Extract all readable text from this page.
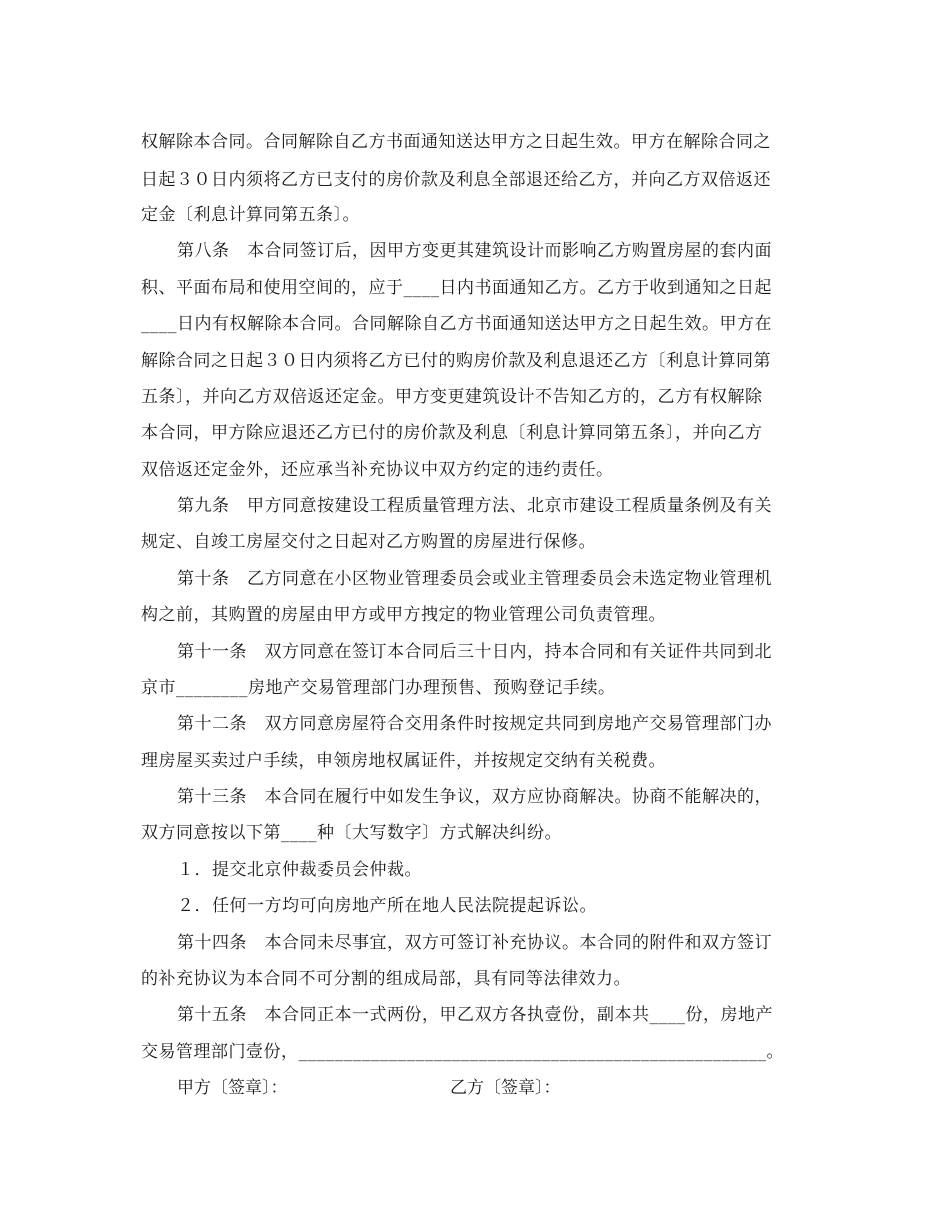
权解除本合同。合同解除自乙方书面通知送达甲方之日起生效。甲方在解除合同之
日起３０日内须将乙方已支付的房价款及利息全部退还给乙方，并向乙方双倍返还
定金〔利息计算同第五条〕。
第八条　本合同签订后，因甲方变更其建筑设计而影响乙方购置房屋的套内面
积、平面布局和使用空间的，应于____日内书面通知乙方。乙方于收到通知之日起
____日内有权解除本合同。合同解除自乙方书面通知送达甲方之日起生效。甲方在
解除合同之日起３０日内须将乙方已付的购房价款及利息退还乙方〔利息计算同第
五条〕，并向乙方双倍返还定金。甲方变更建筑设计不告知乙方的，乙方有权解除
本合同，甲方除应退还乙方已付的房价款及利息〔利息计算同第五条〕，并向乙方
双倍返还定金外，还应承当补充协议中双方约定的违约责任。
第九条　甲方同意按建设工程质量管理方法、北京市建设工程质量条例及有关
规定、自竣工房屋交付之日起对乙方购置的房屋进行保修。
第十条　乙方同意在小区物业管理委员会或业主管理委员会未选定物业管理机
构之前，其购置的房屋由甲方或甲方拽定的物业管理公司负责管理。
第十一条　双方同意在签订本合同后三十日内，持本合同和有关证件共同到北
京市________房地产交易管理部门办理预售、预购登记手续。
第十二条　双方同意房屋符合交用条件时按规定共同到房地产交易管理部门办
理房屋买卖过户手续，申领房地权属证件，并按规定交纳有关税费。
第十三条　本合同在履行中如发生争议，双方应协商解决。协商不能解决的，
双方同意按以下第____种〔大写数字〕方式解决纠纷。
１．提交北京仲裁委员会仲裁。
２．任何一方均可向房地产所在地人民法院提起诉讼。
第十四条　本合同未尽事宜，双方可签订补充协议。本合同的附件和双方签订
的补充协议为本合同不可分割的组成局部，具有同等法律效力。
第十五条　本合同正本一式两份，甲乙双方各执壹份，副本共____份，房地产
交易管理部门壹份，____________________________________________________。
甲方〔签章〕：	乙方〔签章〕：
